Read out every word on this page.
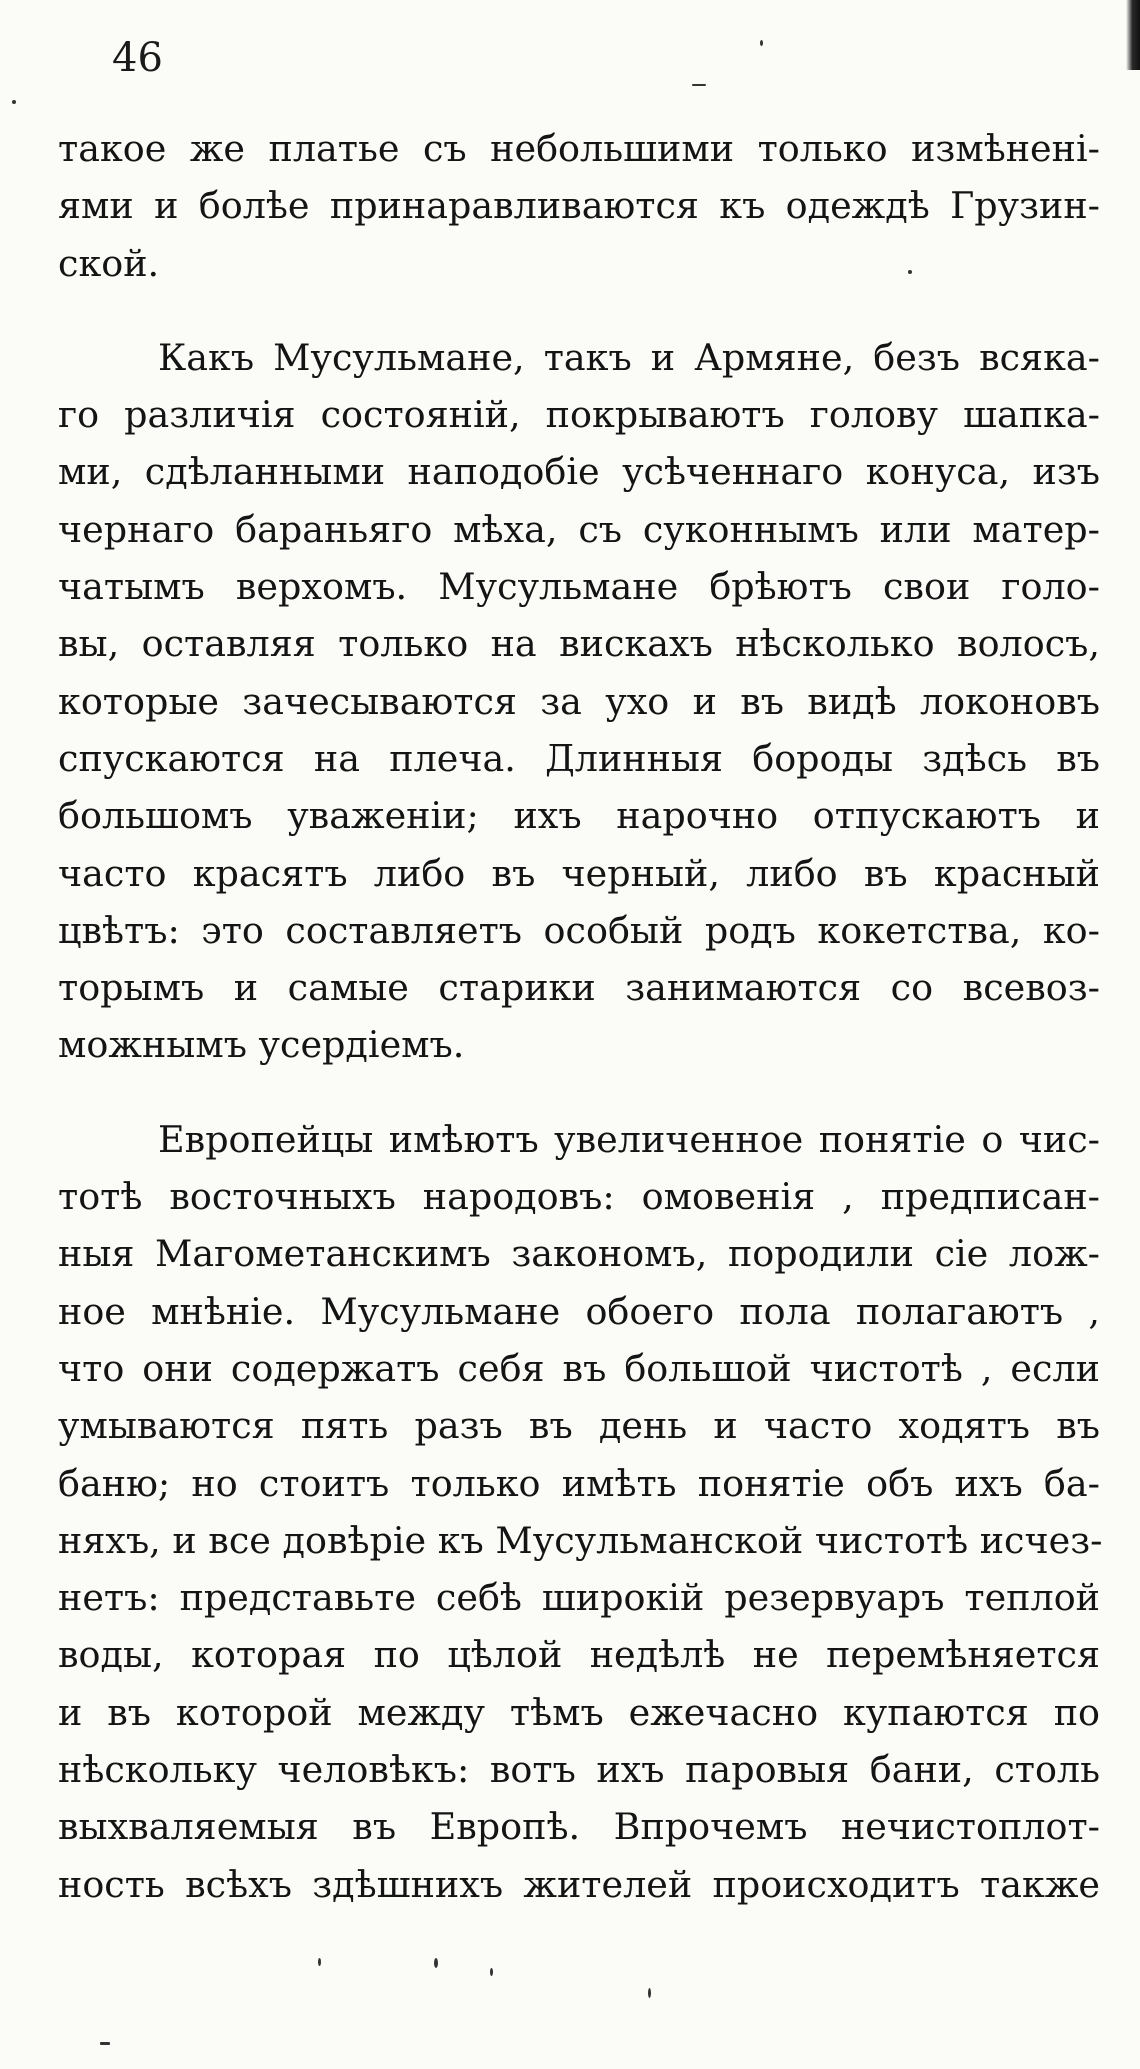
46
такое же платье съ небольшими только измѣнені-
ями и болѣе принаравливаются къ одеждѣ Грузин-
ской.
Какъ Мусульмане, такъ и Армяне, безъ всяка-
го различія состояній, покрываютъ голову шапка-
ми, сдѣланными наподобіе усѣченнаго конуса, изъ
чернаго бараньяго мѣха, съ суконнымъ или матер-
чатымъ верхомъ. Мусульмане брѣютъ свои голо-
вы, оставляя только на вискахъ нѣсколько волосъ,
которые зачесываются за ухо и въ видѣ локоновъ
спускаются на плеча. Длинныя бороды здѣсь въ
большомъ уваженіи; ихъ нарочно отпускаютъ и
часто красятъ либо въ черный, либо въ красный
цвѣтъ: это составляетъ особый родъ кокетства, ко-
торымъ и самые старики занимаются со всевоз-
можнымъ усердіемъ.
Европейцы имѣютъ увеличенное понятіе о чис-
тотѣ восточныхъ народовъ: омовенія , предписан-
ныя Магометанскимъ закономъ, породили сіе лож-
ное мнѣніе. Мусульмане обоего пола полагаютъ ,
что они содержатъ себя въ большой чистотѣ , если
умываются пять разъ въ день и часто ходятъ въ
баню; но стоитъ только имѣть понятіе объ ихъ ба-
няхъ, и все довѣріе къ Мусульманской чистотѣ исчез-
нетъ: представьте себѣ широкій резервуаръ теплой
воды, которая по цѣлой недѣлѣ не перемѣняется
и въ которой между тѣмъ ежечасно купаются по
нѣскольку человѣкъ: вотъ ихъ паровыя бани, столь
выхваляемыя въ Европѣ. Впрочемъ нечистоплот-
ность всѣхъ здѣшнихъ жителей происходитъ также
